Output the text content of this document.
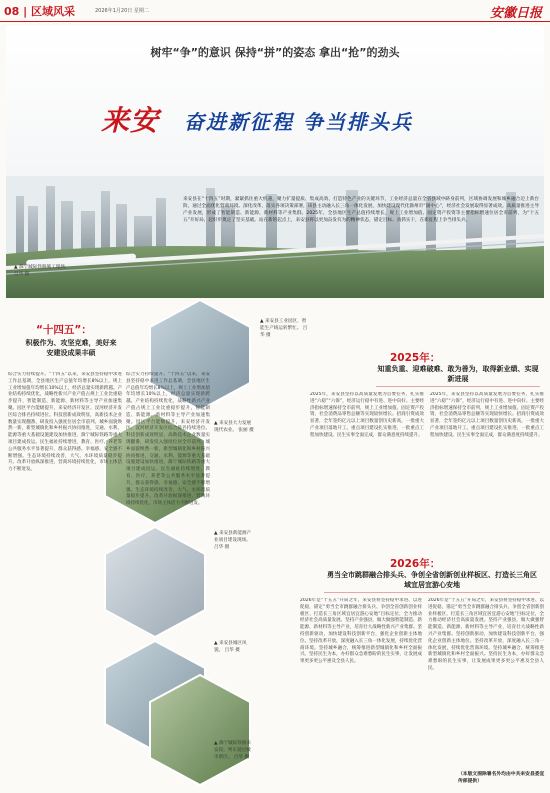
08 | 区域风采	2026年1月20日 星期二	安徽日报
树牢“争”的意识 保持“拼”的姿态 拿出“抢”的劲头
来安 奋进新征程 争当排头兵
来安县在“十四五”时期，紧紧抓住重大机遇，聚力扩量提质、集成高效、打造特色产业的关键环节，工业经济总量在全省县域中跻身前列，区域协调发展和城乡融合迈上新台阶。通过全面优化营商环境、深化改革，落实各项决策部署，该县主动融入长三角一体化发展，加快建设现代化滁州市“副中心”，经济社会发展取得显著成效。高质量推进主导产业发展，形成了智能制造、新能源、新材料等产业集群。2025年，全县地区生产总值持续增长，规上工业增加值、固定资产投资等主要指标增速位居全市前列，为“十五五”开好局、起好步奠定了坚实基础。站在新的起点上，来安县将以更加奋发有为的精神状态，锚定目标、真抓实干，在新征程上争当排头兵。
▲ 滁宁城际铁路施工现场。 吕华 摄
“十四五”：
积极作为、攻坚克难，美好来安建设成果丰硕
综合实力持续提升。“十四五”以来，来安县坚持稳中求进工作总基调，全县地区生产总值年均增长8%以上，规上工业增加值年均增长10%以上，经济总量实现新跨越。产业结构持续优化，战略性新兴产业产值占规上工业比重稳步提升，智能制造、新能源、新材料等主导产业加速集聚。园区平台能级提升，来安经济开发区、汊河经济开发区综合排名持续进位。科技创新成效明显，高新技术企业数量实现翻番，研发投入强度位居全市前列。城乡面貌焕然一新，新型城镇化和乡村振兴协同推进，交通、水利、能源等重大基础设施建设加快推进，滁宁城际铁路等重大项目建成投运。民生福祉持续增进，教育、医疗、养老等公共服务水平显著提升，群众获得感、幸福感、安全感不断增强。生态环境持续改善，大气、水环境质量稳步提升。改革开放纵深推进，营商环境持续优化，市场主体活力不断迸发。
综合实力持续提升。“十四五”以来，来安县坚持稳中求进工作总基调，全县地区生产总值年均增长8%以上，规上工业增加值年均增长10%以上，经济总量实现新跨越。产业结构持续优化，战略性新兴产业产值占规上工业比重稳步提升，智能制造、新能源、新材料等主导产业加速集聚。园区平台能级提升，来安经济开发区、汊河经济开发区综合排名持续进位。科技创新成效明显，高新技术企业数量实现翻番，研发投入强度位居全市前列。城乡面貌焕然一新，新型城镇化和乡村振兴协同推进，交通、水利、能源等重大基础设施建设加快推进，滁宁城际铁路等重大项目建成投运。民生福祉持续增进，教育、医疗、养老等公共服务水平显著提升，群众获得感、幸福感、安全感不断增强。生态环境持续改善，大气、水环境质量稳步提升。改革开放纵深推进，营商环境持续优化，市场主体活力不断迸发。
▲ 来安县工业园区，智能生产线运转繁忙。 吕华 摄
▲ 来安县大力发展现代农业。 张丽 摄
▲ 来安县新能源产业项目建设现场。 吕华 摄
▲ 来安县城区风貌。 吕华 摄
▲ 滁宁城际铁路来安段，列车驶过城市新区。 吕华 摄
2025年：
知重负重、迎难破难、敢为善为，取得新业绩、实现新进展
2025年，来安县坚持以高质量发展为首要任务，扎实推进“六稳”“六保”，经济运行稳中有进、进中向好。主要经济指标增速保持全市前列，规上工业增加值、固定资产投资、社会消费品零售总额等实现较快增长。招商引资成效显著，全年签约亿元以上项目数量创历史新高，一批重大产业项目落地开工。重点项目建设扎实推进，一批重点工程加快建设。民生实事全面完成，群众满意度持续提升。
2025年，来安县坚持以高质量发展为首要任务，扎实推进“六稳”“六保”，经济运行稳中有进、进中向好。主要经济指标增速保持全市前列，规上工业增加值、固定资产投资、社会消费品零售总额等实现较快增长。招商引资成效显著，全年签约亿元以上项目数量创历史新高，一批重大产业项目落地开工。重点项目建设扎实推进，一批重点工程加快建设。民生实事全面完成，群众满意度持续提升。
2026年：
勇当全市跳群融合排头兵、争创全省创新创业样板区、打造长三角区域宜居宜游心安地
2026年是“十五五”开局之年，来安县将坚持稳中求进、以进促稳，锚定“勇当全市跳群融合排头兵、争创全省创新创业样板区、打造长三角区域宜居宜游心安地”目标定位，全力推动经济社会高质量发展。坚持产业强县，做大做强智能制造、新能源、新材料等主导产业，培育壮大战略性新兴产业集群。坚持创新驱动，加快建设科技创新平台，强化企业创新主体地位。坚持改革开放，深度融入长三角一体化发展，持续优化营商环境。坚持城乡融合，统筹推进新型城镇化和乡村全面振兴。坚持民生为本，办好群众急难愁盼的民生实事，让发展成果更多更公平惠及全县人民。
2026年是“十五五”开局之年，来安县将坚持稳中求进、以进促稳，锚定“勇当全市跳群融合排头兵、争创全省创新创业样板区、打造长三角区域宜居宜游心安地”目标定位，全力推动经济社会高质量发展。坚持产业强县，做大做强智能制造、新能源、新材料等主导产业，培育壮大战略性新兴产业集群。坚持创新驱动，加快建设科技创新平台，强化企业创新主体地位。坚持改革开放，深度融入长三角一体化发展，持续优化营商环境。坚持城乡融合，统筹推进新型城镇化和乡村全面振兴。坚持民生为本，办好群众急难愁盼的民生实事，让发展成果更多更公平惠及全县人民。
（本版文图除署名外均由中共来安县委宣传部提供）
